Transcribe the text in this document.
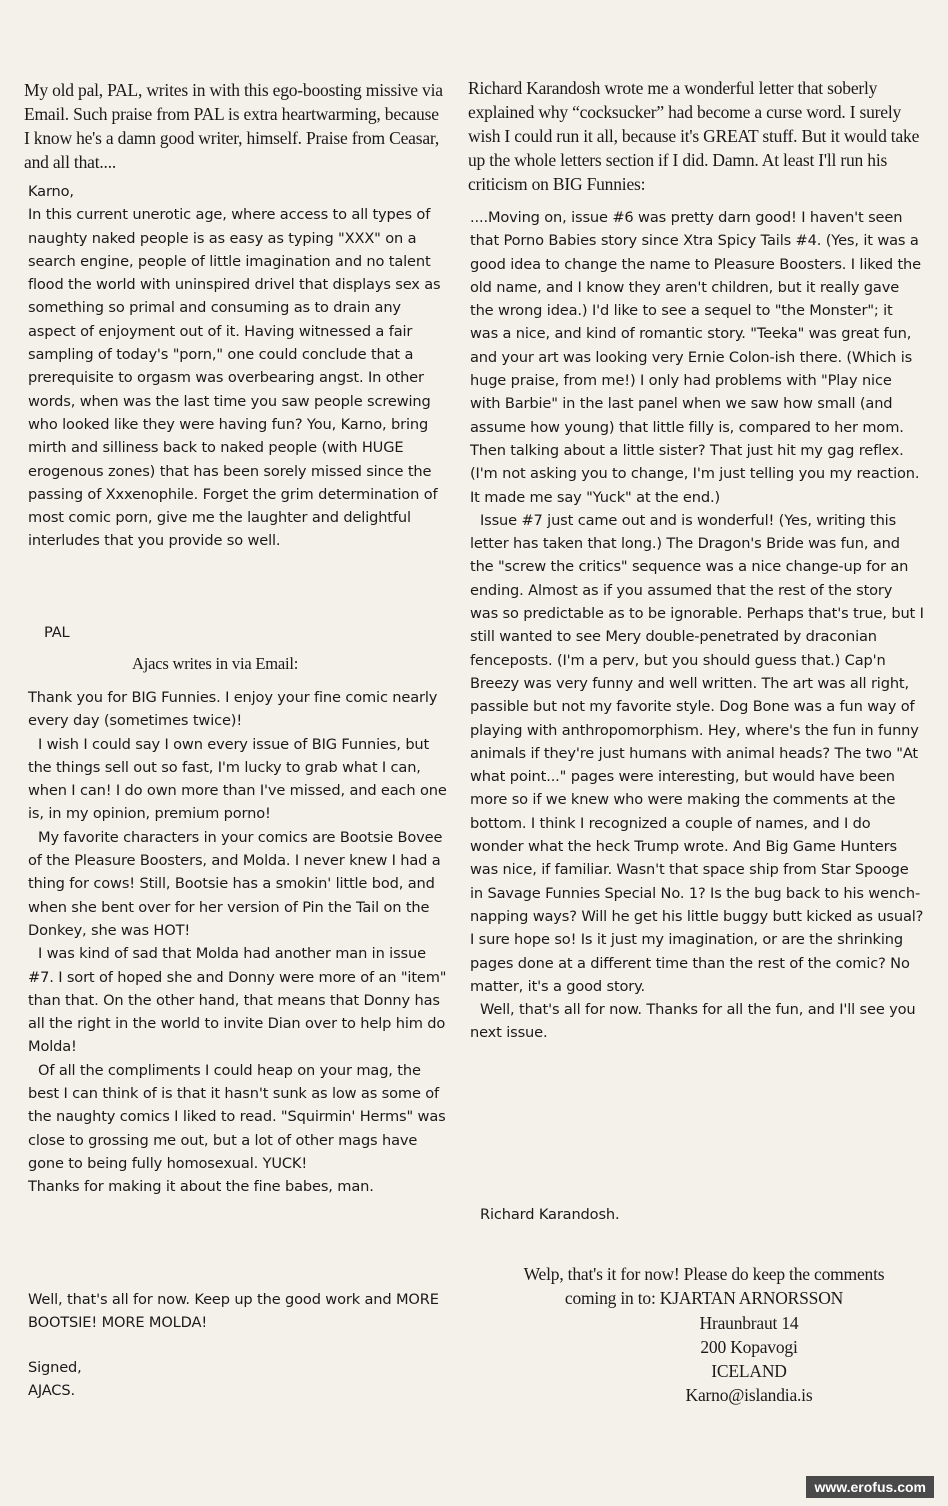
My old pal, PAL, writes in with this ego-boosting missive via Email. Such praise from PAL is extra heartwarming, because I know he's a damn good writer, himself. Praise from Ceasar, and all that....

Karno,

In this current unerotic age, where access to all types of naughty naked people is as easy as typing "XXX" on a search engine, people of little imagination and no talent flood the world with uninspired drivel that displays sex as something so primal and consuming as to drain any aspect of enjoyment out of it. Having witnessed a fair sampling of today's "porn," one could conclude that a prerequisite to orgasm was overbearing angst. In other words, when was the last time you saw people screwing who looked like they were having fun? You, Karno, bring mirth and silliness back to naked people (with HUGE erogenous zones) that has been sorely missed since the passing of Xxxenophile. Forget the grim determination of most comic porn, give me the laughter and delightful interludes that you provide so well.

PAL

Ajacs writes in via Email:

Thank you for BIG Funnies. I enjoy your fine comic nearly every day (sometimes twice)!

I wish I could say I own every issue of BIG Funnies, but the things sell out so fast, I'm lucky to grab what I can, when I can! I do own more than I've missed, and each one is, in my opinion, premium porno!

My favorite characters in your comics are Bootsie Bovee of the Pleasure Boosters, and Molda. I never knew I had a thing for cows! Still, Bootsie has a smokin' little bod, and when she bent over for her version of Pin the Tail on the Donkey, she was HOT!

I was kind of sad that Molda had another man in issue #7. I sort of hoped she and Donny were more of an "item" than that. On the other hand, that means that Donny has all the right in the world to invite Dian over to help him do Molda!

Of all the compliments I could heap on your mag, the best I can think of is that it hasn't sunk as low as some of the naughty comics I liked to read. "Squirmin' Herms" was close to grossing me out, but a lot of other mags have gone to being fully homosexual. YUCK!

Thanks for making it about the fine babes, man.

Well, that's all for now. Keep up the good work and MORE BOOTSIE! MORE MOLDA!

Signed,

AJACS.

Richard Karandosh wrote me a wonderful letter that soberly explained why “cocksucker” had become a curse word. I surely wish I could run it all, because it's GREAT stuff. But it would take up the whole letters section if I did. Damn. At least I'll run his criticism on BIG Funnies:

....Moving on, issue #6 was pretty darn good! I haven't seen that Porno Babies story since Xtra Spicy Tails #4. (Yes, it was a good idea to change the name to Pleasure Boosters. I liked the old name, and I know they aren't children, but it really gave the wrong idea.) I'd like to see a sequel to "the Monster"; it was a nice, and kind of romantic story. "Teeka" was great fun, and your art was looking very Ernie Colon-ish there. (Which is huge praise, from me!) I only had problems with "Play nice with Barbie" in the last panel when we saw how small (and assume how young) that little filly is, compared to her mom. Then talking about a little sister? That just hit my gag reflex. (I'm not asking you to change, I'm just telling you my reaction. It made me say "Yuck" at the end.)

Issue #7 just came out and is wonderful! (Yes, writing this letter has taken that long.) The Dragon's Bride was fun, and the "screw the critics" sequence was a nice change-up for an ending. Almost as if you assumed that the rest of the story was so predictable as to be ignorable. Perhaps that's true, but I still wanted to see Mery double-penetrated by draconian fenceposts. (I'm a perv, but you should guess that.) Cap'n Breezy was very funny and well written. The art was all right, passible but not my favorite style. Dog Bone was a fun way of playing with anthropomorphism. Hey, where's the fun in funny animals if they're just humans with animal heads? The two "At what point..." pages were interesting, but would have been more so if we knew who were making the comments at the bottom. I think I recognized a couple of names, and I do wonder what the heck Trump wrote. And Big Game Hunters was nice, if familiar. Wasn't that space ship from Star Spooge in Savage Funnies Special No. 1? Is the bug back to his wench-napping ways? Will he get his little buggy butt kicked as usual? I sure hope so! Is it just my imagination, or are the shrinking pages done at a different time than the rest of the comic? No matter, it's a good story.

Well, that's all for now. Thanks for all the fun, and I'll see you next issue.

Richard Karandosh.

Welp, that's it for now! Please do keep the comments

coming in to: KJARTAN ARNORSSON

Hraunbraut 14

200 Kopavogi

ICELAND

Karno@islandia.is

www.erofus.com
